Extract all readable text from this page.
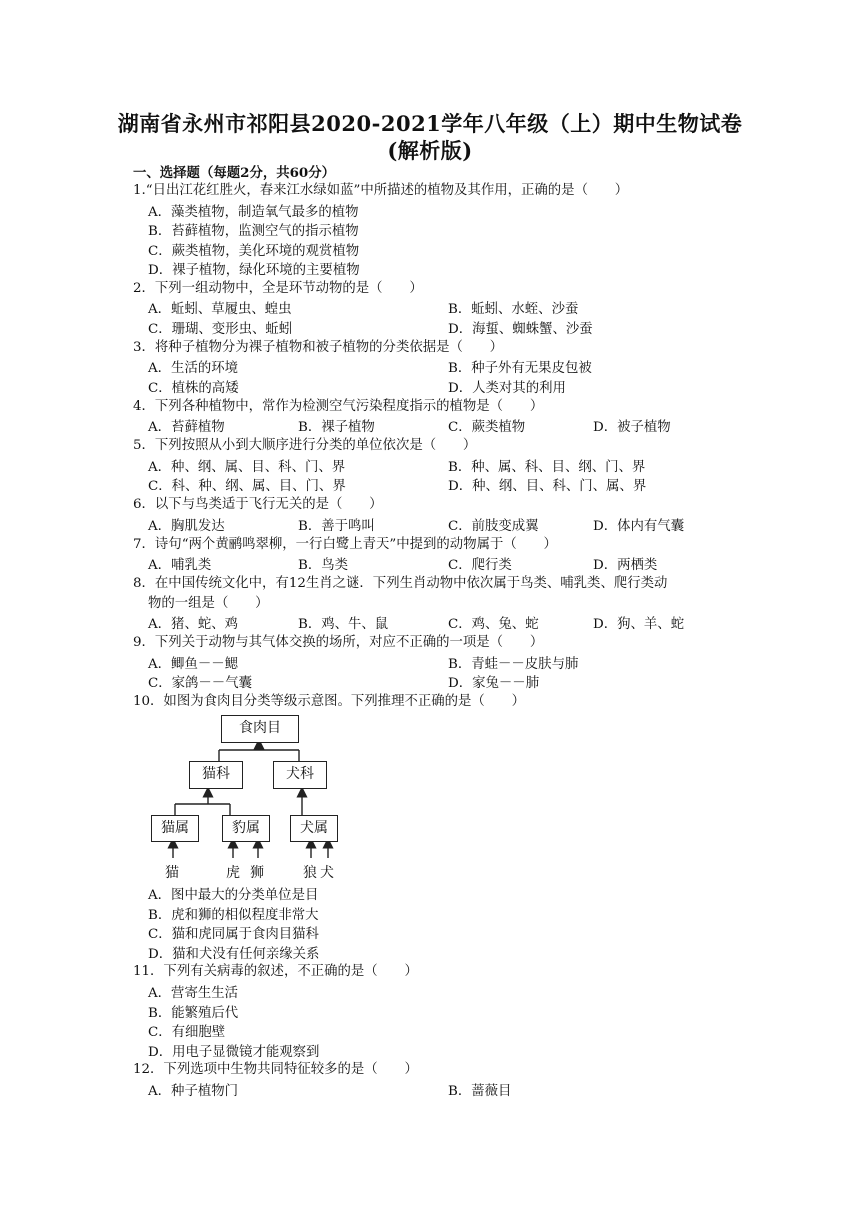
湖南省永州市祁阳县2020-2021学年八年级（上）期中生物试卷
(解析版)
一、选择题（每题2分，共60分）
1.“日出江花红胜火，春来江水绿如蓝”中所描述的植物及其作用，正确的是（　　）
A．藻类植物，制造氧气最多的植物
B．苔藓植物，监测空气的指示植物
C．蕨类植物，美化环境的观赏植物
D．裸子植物，绿化环境的主要植物
2．下列一组动物中，全是环节动物的是（　　）
A．蚯蚓、草履虫、蝗虫	B．蚯蚓、水蛭、沙蚕
C．珊瑚、变形虫、蚯蚓	D．海蜇、蜘蛛蟹、沙蚕
3．将种子植物分为裸子植物和被子植物的分类依据是（　　）
A．生活的环境	B．种子外有无果皮包被
C．植株的高矮	D．人类对其的利用
4．下列各种植物中，常作为检测空气污染程度指示的植物是（　　）
A．苔藓植物	B．裸子植物	C．蕨类植物	D．被子植物
5．下列按照从小到大顺序进行分类的单位依次是（　　）
A．种、纲、属、目、科、门、界	B．种、属、科、目、纲、门、界
C．科、种、纲、属、目、门、界	D．种、纲、目、科、门、属、界
6．以下与鸟类适于飞行无关的是（　　）
A．胸肌发达	B．善于鸣叫	C．前肢变成翼	D．体内有气囊
7．诗句“两个黄鹂鸣翠柳，一行白鹭上青天”中提到的动物属于（　　）
A．哺乳类	B．鸟类	C．爬行类	D．两栖类
8．在中国传统文化中，有12生肖之谜．下列生肖动物中依次属于鸟类、哺乳类、爬行类动
物的一组是（　　）
A．猪、蛇、鸡	B．鸡、牛、鼠	C．鸡、兔、蛇	D．狗、羊、蛇
9．下列关于动物与其气体交换的场所，对应不正确的一项是（　　）
A．鲫鱼－－鳃	B．青蛙－－皮肤与肺
C．家鸽－－气囊	D．家兔－－肺
10．如图为食肉目分类等级示意图。下列推理不正确的是（　　）
食肉目
猫科	犬科
猫属	豹属	犬属
猫	虎 狮	狼 犬
A．图中最大的分类单位是目
B．虎和狮的相似程度非常大
C．猫和虎同属于食肉目猫科
D．猫和犬没有任何亲缘关系
11．下列有关病毒的叙述，不正确的是（　　）
A．营寄生生活
B．能繁殖后代
C．有细胞壁
D．用电子显微镜才能观察到
12．下列选项中生物共同特征较多的是（　　）
A．种子植物门	B．蔷薇目
